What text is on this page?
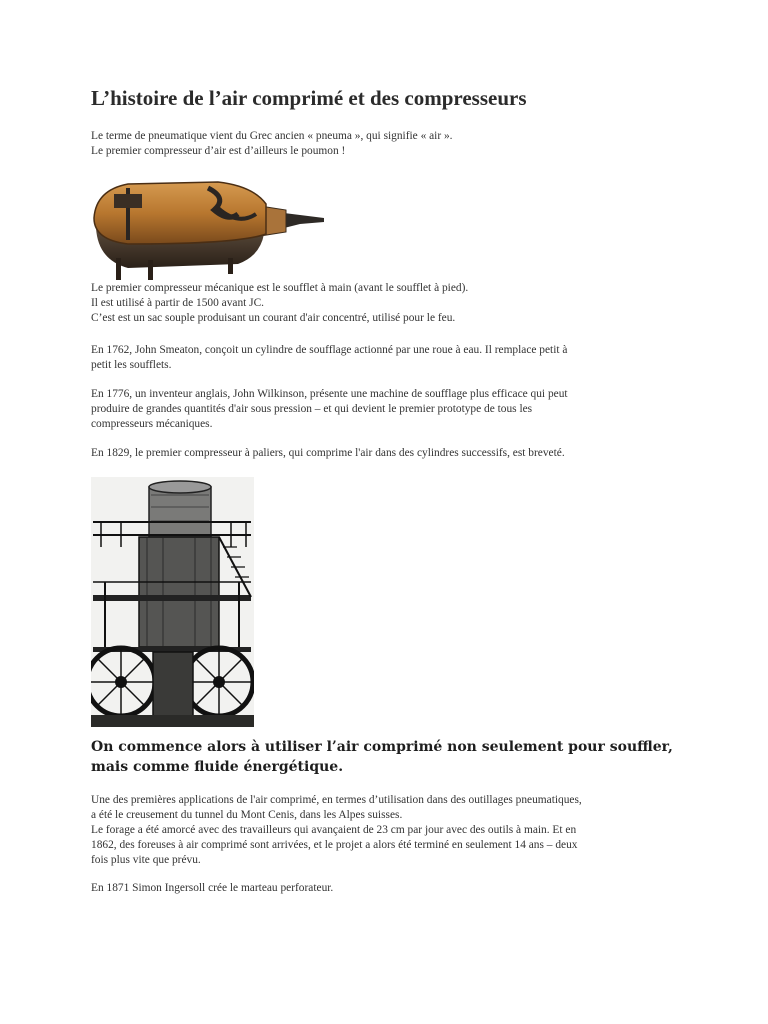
L’histoire de l’air comprimé et des compresseurs
Le terme de pneumatique vient du Grec ancien « pneuma », qui signifie « air ».
Le premier compresseur d’air est d’ailleurs le poumon !
Le premier compresseur mécanique est le soufflet à main (avant le soufflet à pied).
Il est utilisé à partir de 1500 avant JC.
C’est est un sac souple produisant un courant d'air concentré, utilisé pour le feu.
En 1762, John Smeaton, conçoit un cylindre de soufflage actionné par une roue à eau. Il remplace petit à
petit les soufflets.
En 1776, un inventeur anglais, John Wilkinson, présente une machine de soufflage plus efficace qui peut
produire de grandes quantités d'air sous pression – et qui devient le premier prototype de tous les
compresseurs mécaniques.
En 1829, le premier compresseur à paliers, qui comprime l'air dans des cylindres successifs, est breveté.
On commence alors à utiliser l’air comprimé non seulement pour souffler,
mais comme fluide énergétique.
Une des premières applications de l'air comprimé, en termes d’utilisation dans des outillages pneumatiques,
a été le creusement du tunnel du Mont Cenis, dans les Alpes suisses.
Le forage a été amorcé avec des travailleurs qui avançaient de 23 cm par jour avec des outils à main. Et en
1862, des foreuses à air comprimé sont arrivées, et le projet a alors été terminé en seulement 14 ans – deux
fois plus vite que prévu.
En 1871 Simon Ingersoll crée le marteau perforateur.
